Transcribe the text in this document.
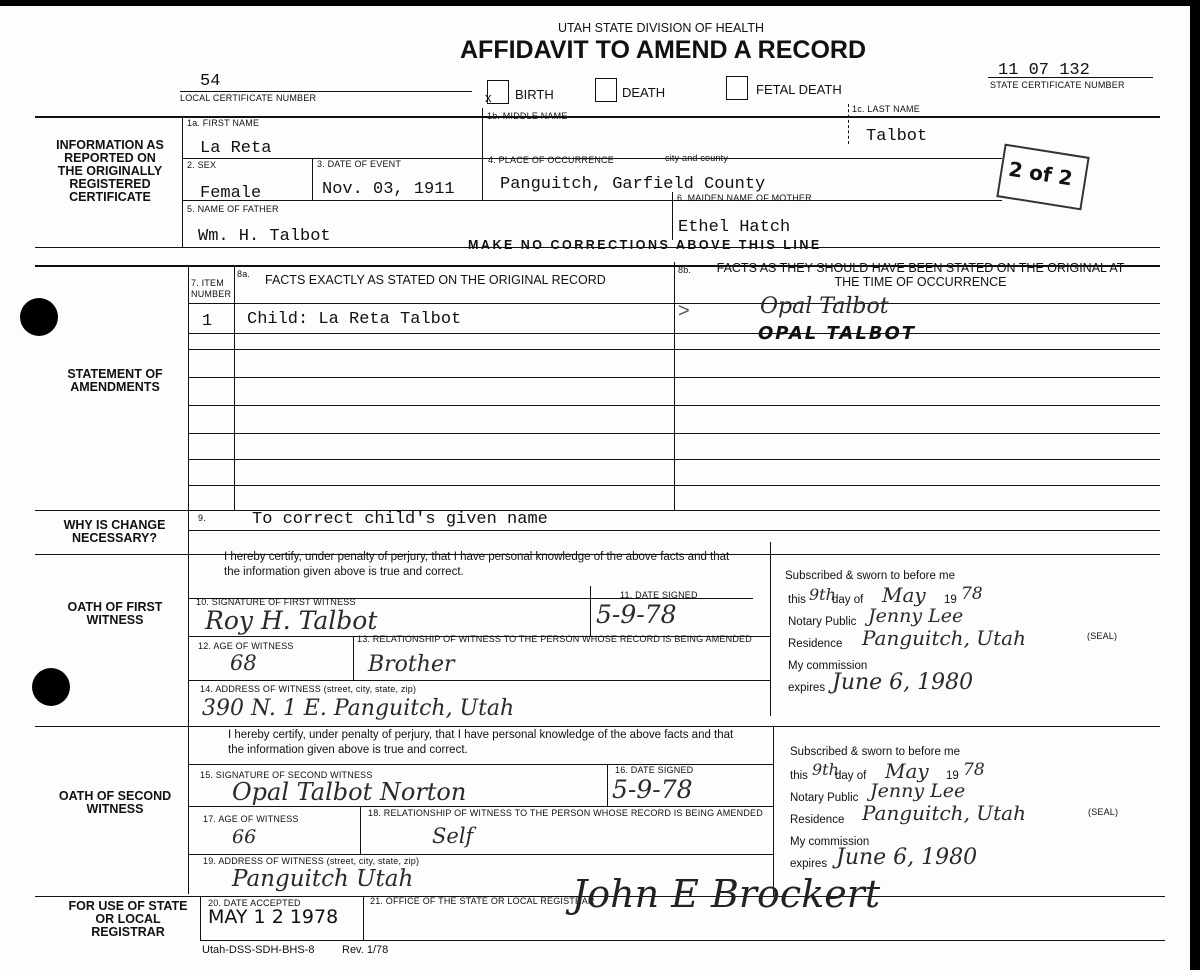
UTAH STATE DIVISION OF HEALTH
AFFIDAVIT TO AMEND A RECORD
54
LOCAL CERTIFICATE NUMBER	x BIRTH	DEATH	FETAL DEATH
11 07 132
STATE CERTIFICATE NUMBER
INFORMATION AS REPORTED ON THE ORIGINALLY REGISTERED CERTIFICATE
1a. FIRST NAME
La Reta
1b. MIDDLE NAME
1c. LAST NAME
Talbot
2. SEX
Female
3. DATE OF EVENT
Nov. 03, 1911
4. PLACE OF OCCURRENCE	city and county
Panguitch, Garfield County
5. NAME OF FATHER
Wm. H. Talbot
6. MAIDEN NAME OF MOTHER
Ethel Hatch
2 of 2
MAKE NO CORRECTIONS ABOVE THIS LINE
STATEMENT OF AMENDMENTS
7. ITEM NUMBER
8a. FACTS EXACTLY AS STATED ON THE ORIGINAL RECORD
8b.	FACTS AS THEY SHOULD HAVE BEEN STATED ON THE ORIGINAL AT THE TIME OF OCCURRENCE
1 Child: La Reta Talbot	>	Opal Talbot
OPAL TALBOT
WHY IS CHANGE NECESSARY?
9.	To correct child's given name
OATH OF FIRST WITNESS
I hereby certify, under penalty of perjury, that I have personal knowledge of the above facts and that the information given above is true and correct.
10. SIGNATURE OF FIRST WITNESS
Roy H. Talbot
11. DATE SIGNED
5-9-78
12. AGE OF WITNESS
68
13. RELATIONSHIP OF WITNESS TO THE PERSON WHOSE RECORD IS BEING AMENDED
Brother
14. ADDRESS OF WITNESS (street, city, state, zip)
390 N. 1 E. Panguitch, Utah
Subscribed & sworn to before me
this 9th
day of May 19 78
Notary Public Jenny Lee
Residence Panguitch, Utah	(SEAL)
My commission
expires June 6, 1980
OATH OF SECOND WITNESS
I hereby certify, under penalty of perjury, that I have personal knowledge of the above facts and that the information given above is true and correct.
15. SIGNATURE OF SECOND WITNESS
Opal Talbot Norton
16. DATE SIGNED
5-9-78
17. AGE OF WITNESS
66
18. RELATIONSHIP OF WITNESS TO THE PERSON WHOSE RECORD IS BEING AMENDED
Self
19. ADDRESS OF WITNESS (street, city, state, zip)
Panguitch Utah
Subscribed & sworn to before me
this 9th
day of May 19 78
Notary Public Jenny Lee
Residence Panguitch, Utah	(SEAL)
My commission
expires June 6, 1980
FOR USE OF STATE OR LOCAL REGISTRAR
20. DATE ACCEPTED
MAY 1 2 1978
21. OFFICE OF THE STATE OR LOCAL REGISTRAR
John E Brockert
Utah-DSS-SDH-BHS-8	Rev. 1/78
